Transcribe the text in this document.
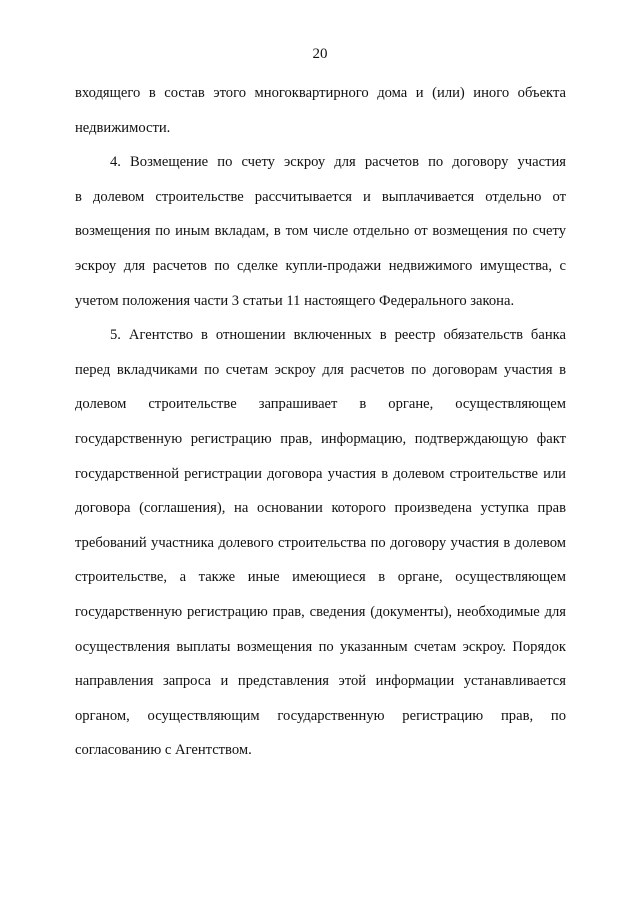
20
входящего в состав этого многоквартирного дома и (или) иного объекта
недвижимости.
4. Возмещение по счету эскроу для расчетов по договору участия
в долевом строительстве рассчитывается и выплачивается отдельно от
возмещения по иным вкладам, в том числе отдельно от возмещения по счету
эскроу для расчетов по сделке купли-продажи недвижимого имущества, с
учетом положения части 3 статьи 11 настоящего Федерального закона.
5. Агентство в отношении включенных в реестр обязательств банка
перед вкладчиками по счетам эскроу для расчетов по договорам участия в
долевом строительстве запрашивает в органе, осуществляющем
государственную регистрацию прав, информацию, подтверждающую факт
государственной регистрации договора участия в долевом строительстве или
договора (соглашения), на основании которого произведена уступка прав
требований участника долевого строительства по договору участия в долевом
строительстве, а также иные имеющиеся в органе, осуществляющем
государственную регистрацию прав, сведения (документы), необходимые для
осуществления выплаты возмещения по указанным счетам эскроу. Порядок
направления запроса и представления этой информации устанавливается
органом, осуществляющим государственную регистрацию прав, по
согласованию с Агентством.
